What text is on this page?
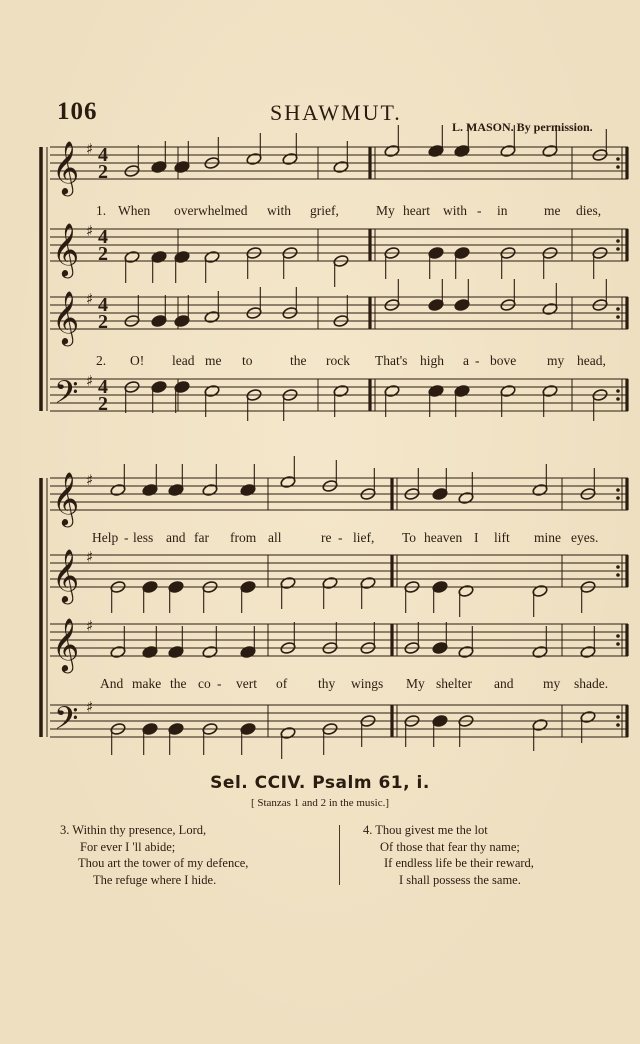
106	SHAWMUT.
L. MASON. By permission.
𝄞 ♯ 4
2
𝄞 ♯ 4
2
𝄞 ♯ 4
2
𝄢 ♯ 4
2
𝄞 ♯
𝄞 ♯
𝄞 ♯
𝄢 ♯
1. When overwhelmed with grief,	My heart with - in	me dies,
2. O! lead me to	the rock That's high a - bove my head,
Help - less and far from all	re - lief, To heaven I lift mine eyes.
And make the co - vert of thy wings My shelter and my shade.
Sel. CCIV. Psalm 61, i.
[ Stanzas 1 and 2 in the music.]
3. Within thy presence, Lord,
For ever I 'll abide;
Thou art the tower of my defence,
The refuge where I hide.
4. Thou givest me the lot
Of those that fear thy name;
If endless life be their reward,
I shall possess the same.
